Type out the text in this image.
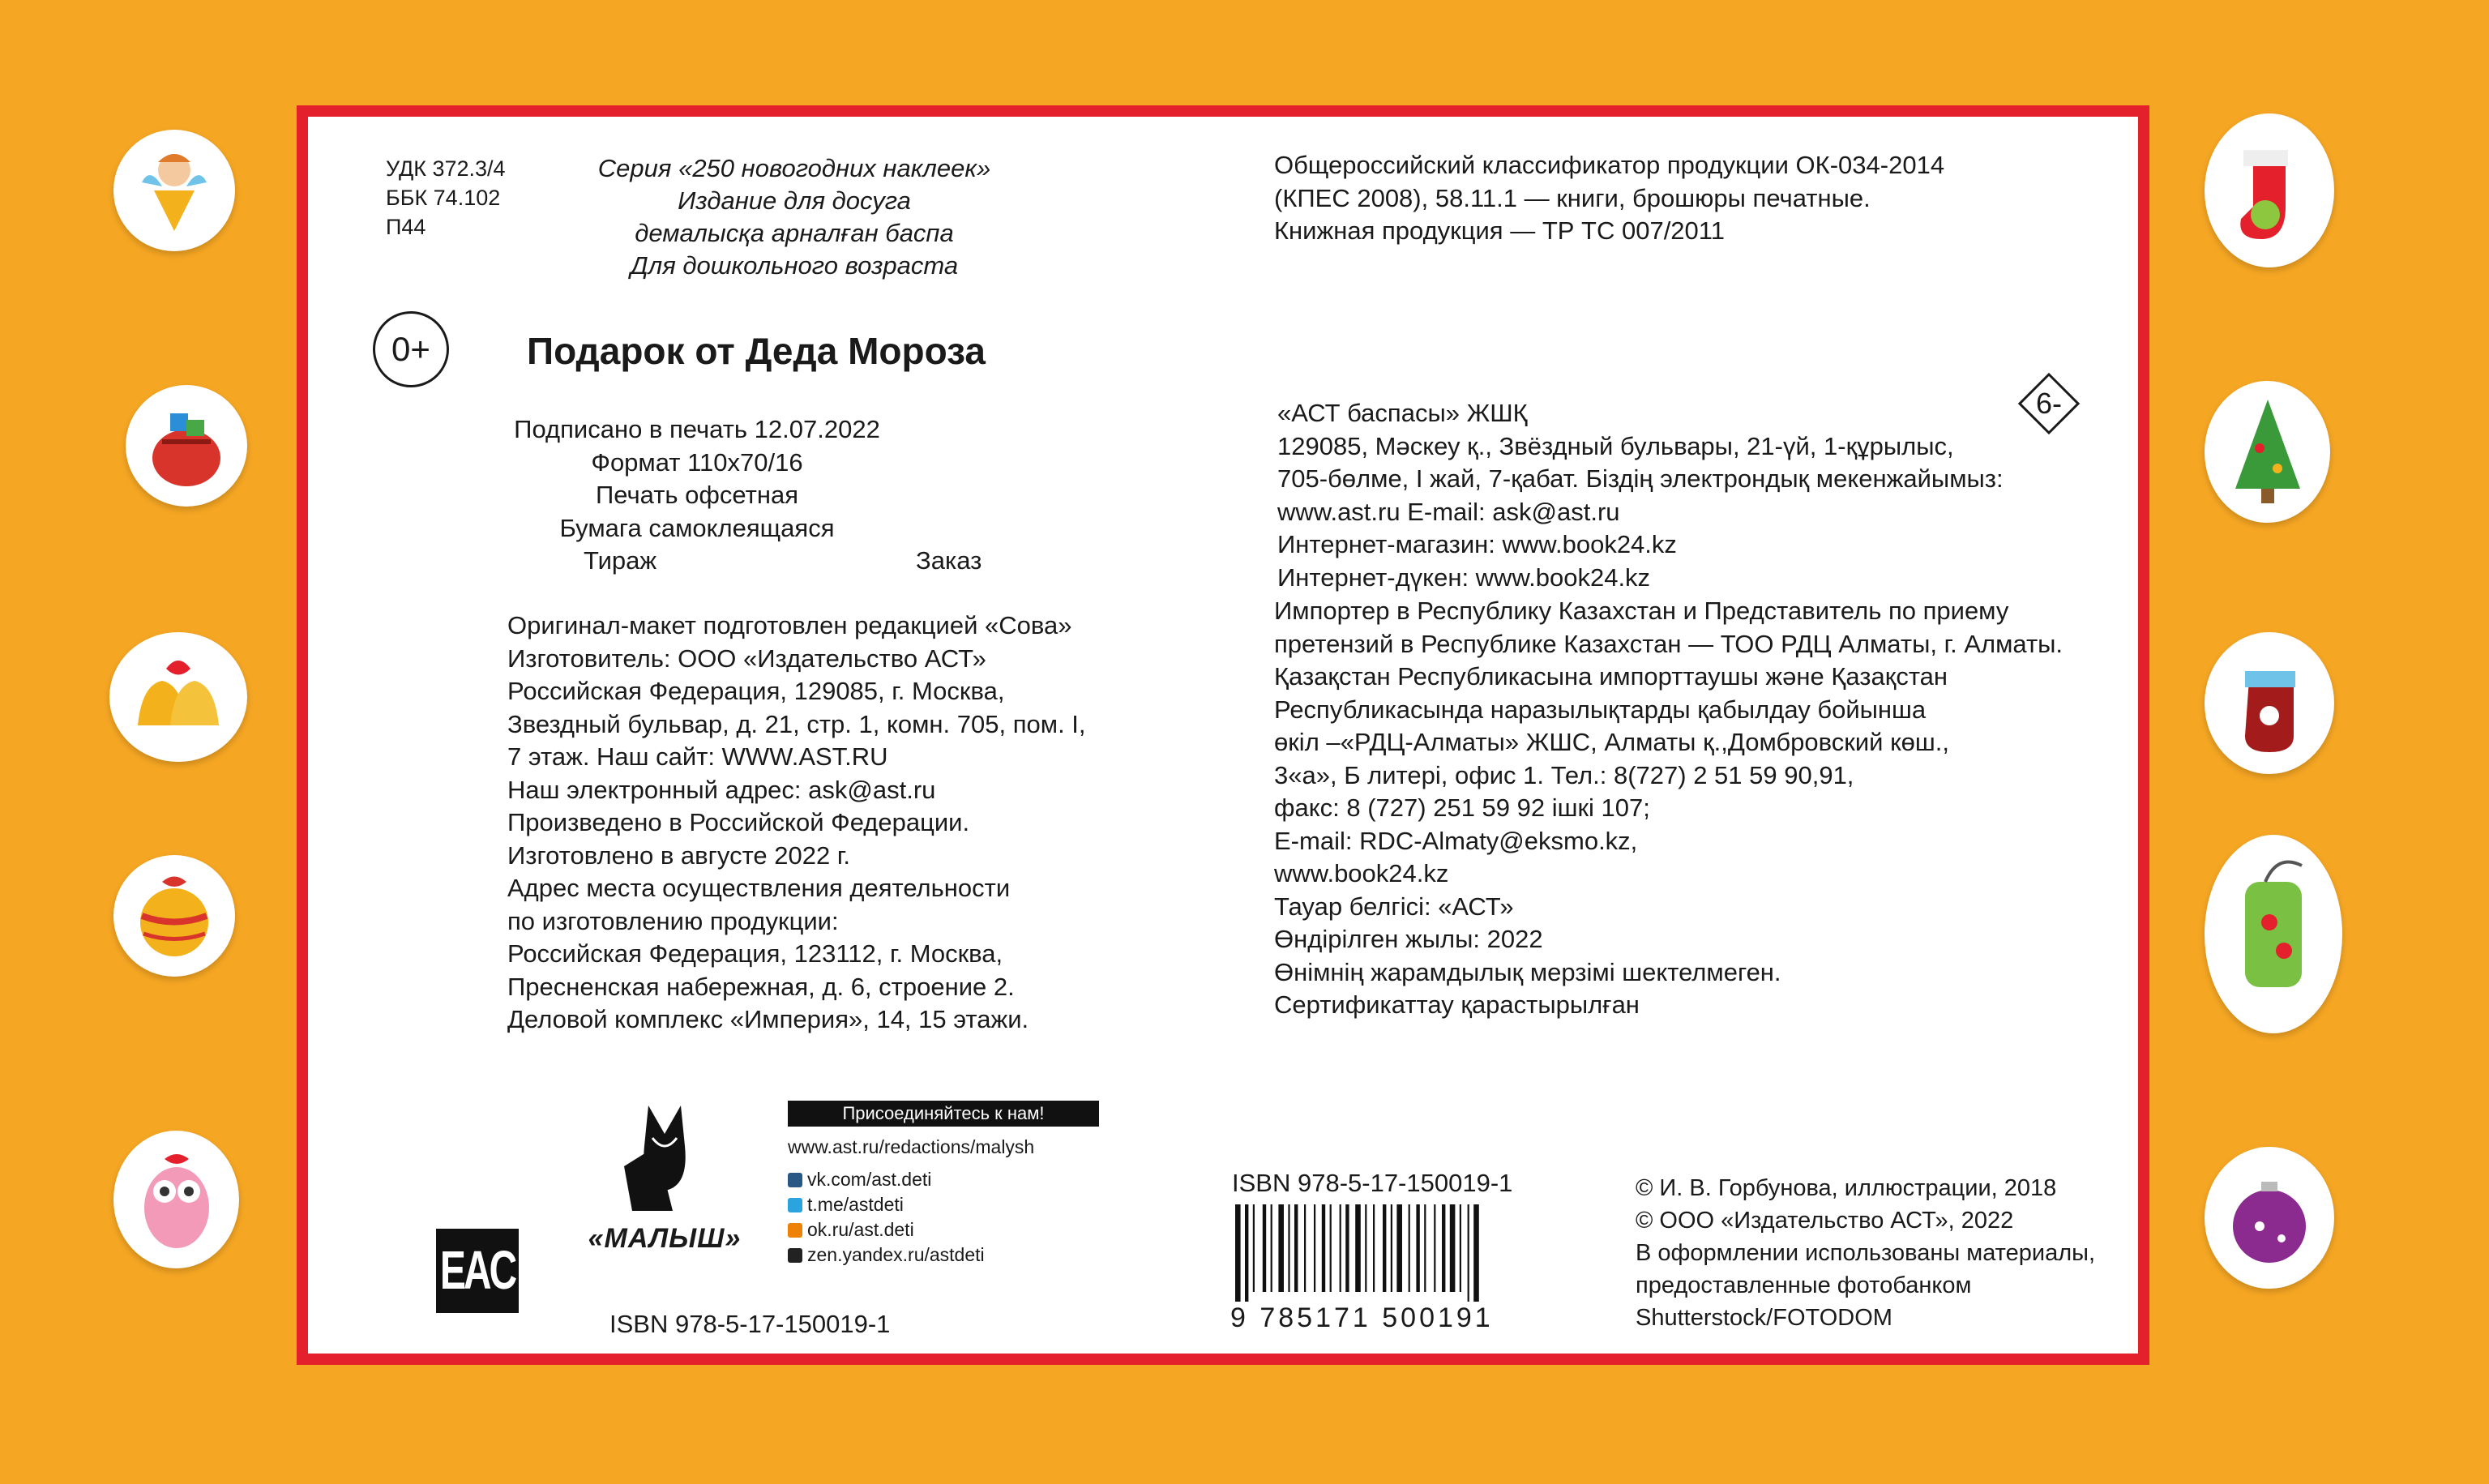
УДК 372.3/4
ББК 74.102
П44
Серия «250 новогодних наклеек»
Издание для досуга
демалысқа арналған баспа
Для дошкольного возраста
0+	Подарок от Деда Мороза
Подписано в печать 12.07.2022
Формат 110х70/16
Печать офсетная
Бумага самоклеящаяся
Тираж	Заказ
Оригинал-макет подготовлен редакцией «Сова»
Изготовитель: ООО «Издательство АСТ»
Российская Федерация, 129085, г. Москва,
Звездный бульвар, д. 21, стр. 1, комн. 705, пом. I,
7 этаж. Наш сайт: WWW.AST.RU
Наш электронный адрес: ask@ast.ru
Произведено в Российской Федерации.
Изготовлено в августе 2022 г.
Адрес места осуществления деятельности
по изготовлению продукции:
Российская Федерация, 123112, г. Москва,
Пресненская набережная, д. 6, строение 2.
Деловой комплекс «Империя», 14, 15 этажи.
Общероссийский классификатор продукции ОК-034-2014
(КПЕС 2008), 58.11.1 — книги, брошюры печатные.
Книжная продукция — ТР ТС 007/2011
6-
«АСТ баспасы» ЖШҚ
129085, Мәскеу қ., Звёздный бульвары, 21-үй, 1-құрылыс,
705-бөлме, I жай, 7-қабат. Біздің электрондық мекенжайымыз:
www.ast.ru E-mail: ask@ast.ru
Интернет-магазин: www.book24.kz
Интернет-дүкен: www.book24.kz
Импортер в Республику Казахстан и Представитель по приему
претензий в Республике Казахстан — ТОО РДЦ Алматы, г. Алматы.
Қазақстан Республикасына импорттаушы және Қазақстан
Республикасында наразылықтарды қабылдау бойынша
өкіл –«РДЦ-Алматы» ЖШС, Алматы қ.,Домбровский көш.,
3«а», Б литері, офис 1. Тел.: 8(727) 2 51 59 90,91,
факс: 8 (727) 251 59 92 ішкі 107;
E-mail: RDC-Almaty@eksmo.kz,
www.book24.kz
Тауар белгісі: «АСТ»
Өндірілген жылы: 2022
Өнімнің жарамдылық мерзімі шектелмеген.
Сертификаттау қарастырылған
EAC
«МАЛЫШ»
Присоединяйтесь к нам!
www.ast.ru/redactions/malysh
vk.com/ast.deti
t.me/astdeti
ok.ru/ast.deti
zen.yandex.ru/astdeti
ISBN 978-5-17-150019-1
ISBN 978-5-17-150019-1
9 785171 500191
© И. В. Горбунова, иллюстрации, 2018
© ООО «Издательство АСТ», 2022
В оформлении использованы материалы,
предоставленные фотобанком
Shutterstock/FOTODOM
